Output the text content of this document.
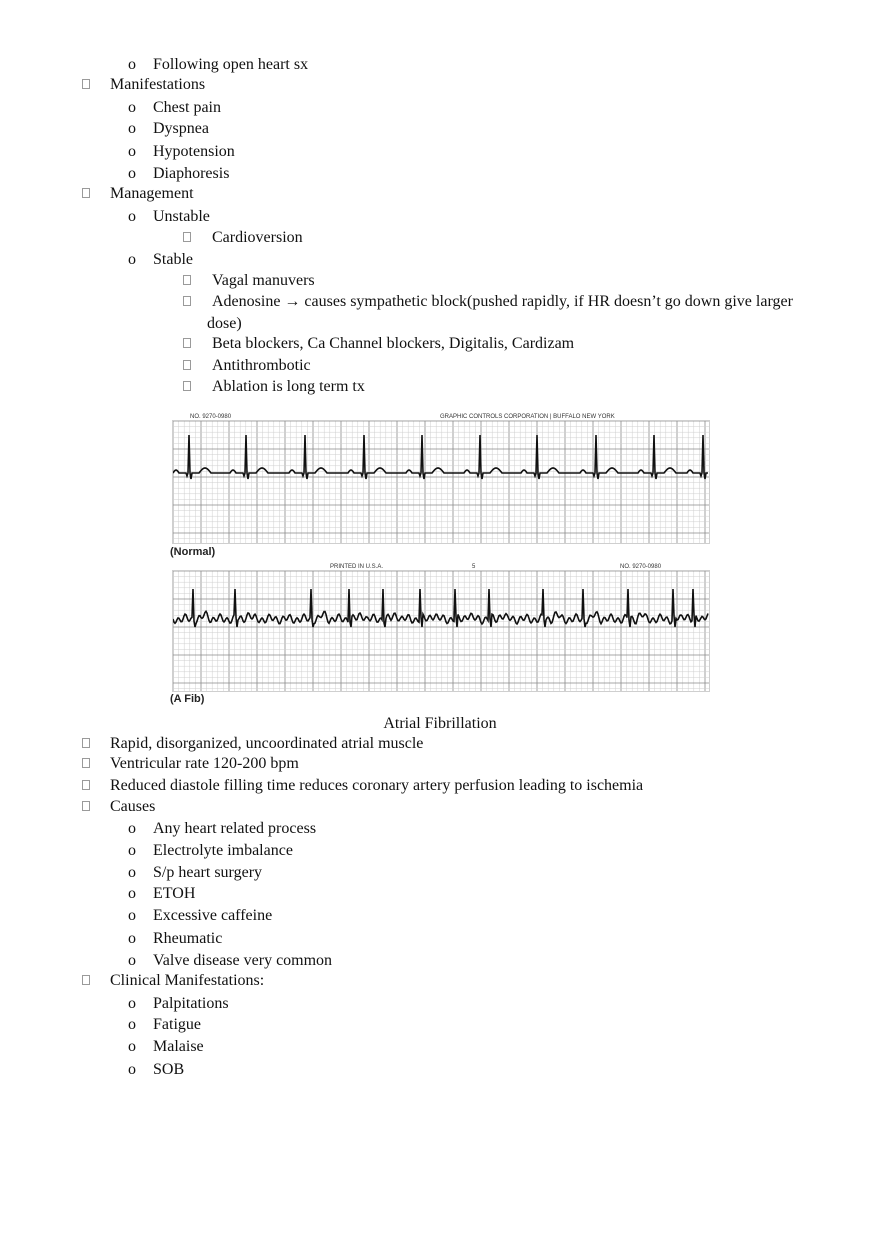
o Following open heart sx
Manifestations
o Chest pain
o Dyspnea
o Hypotension
o Diaphoresis
Management
o Unstable
Cardioversion
o Stable
Vagal manuvers
Adenosine → causes sympathetic block(pushed rapidly, if HR doesn’t go down give larger
dose)
Beta blockers, Ca Channel blockers, Digitalis, Cardizam
Antithrombotic
Ablation is long term tx
NO. 9270-0980	GRAPHIC CONTROLS CORPORATION | BUFFALO NEW YORK
(Normal)
PRINTED IN U.S.A.	5	NO. 9270-0980
(A Fib)
Atrial Fibrillation
Rapid, disorganized, uncoordinated atrial muscle
Ventricular rate 120-200 bpm
Reduced diastole filling time reduces coronary artery perfusion leading to ischemia
Causes
o Any heart related process
o Electrolyte imbalance
o S/p heart surgery
o ETOH
o Excessive caffeine
o Rheumatic
o Valve disease very common
Clinical Manifestations:
o Palpitations
o Fatigue
o Malaise
o SOB
